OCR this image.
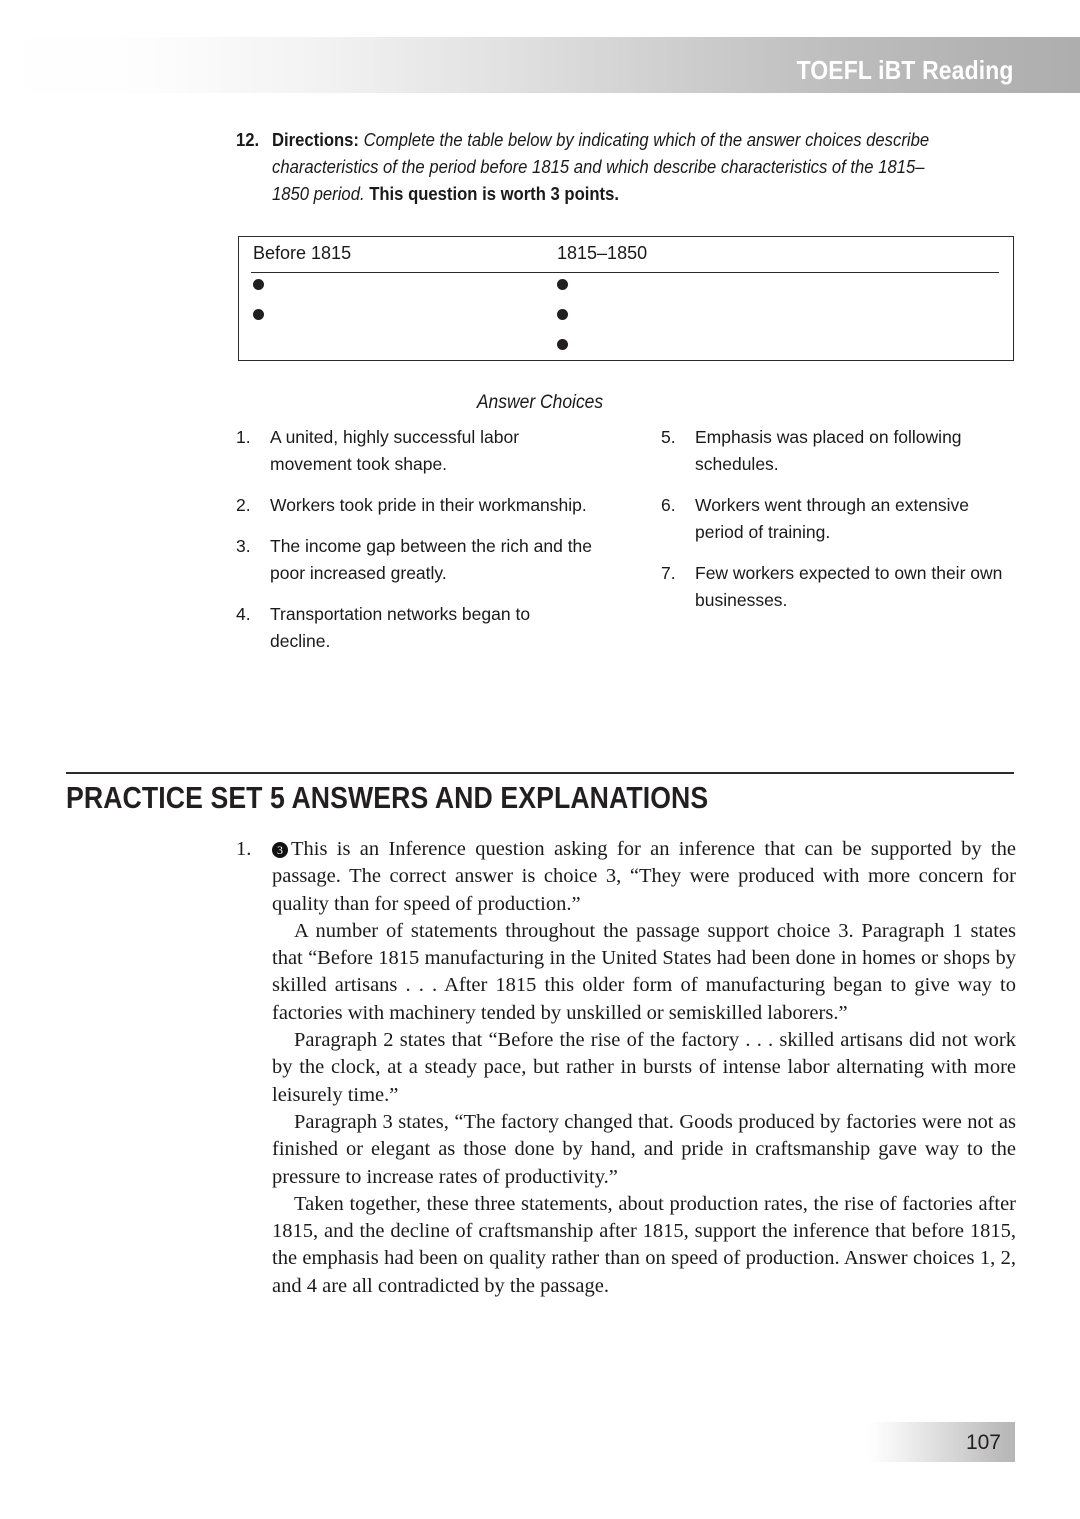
TOEFL iBT Reading
12. Directions: Complete the table below by indicating which of the answer choices describe characteristics of the period before 1815 and which describe characteristics of the 1815–1850 period. This question is worth 3 points.
Before 1815	1815–1850
Answer Choices
1.	A united, highly successful labor movement took shape.
2.	Workers took pride in their workmanship.
3.	The income gap between the rich and the poor increased greatly.
4.	Transportation networks began to decline.
5.	Emphasis was placed on following schedules.
6.	Workers went through an extensive period of training.
7.	Few workers expected to own their own businesses.
PRACTICE SET 5 ANSWERS AND EXPLANATIONS
1.	3 This is an Inference question asking for an inference that can be supported by the passage. The correct answer is choice 3, “They were produced with more concern for quality than for speed of production.”

A number of statements throughout the passage support choice 3. Paragraph 1 states that “Before 1815 manufacturing in the United States had been done in homes or shops by skilled artisans . . . After 1815 this older form of manufacturing began to give way to factories with machinery tended by unskilled or semiskilled laborers.”

Paragraph 2 states that “Before the rise of the factory . . . skilled artisans did not work by the clock, at a steady pace, but rather in bursts of intense labor alternating with more leisurely time.”

Paragraph 3 states, “The factory changed that. Goods produced by factories were not as finished or elegant as those done by hand, and pride in craftsmanship gave way to the pressure to increase rates of productivity.”

Taken together, these three statements, about production rates, the rise of factories after 1815, and the decline of craftsmanship after 1815, support the inference that before 1815, the emphasis had been on quality rather than on speed of production. Answer choices 1, 2, and 4 are all contradicted by the passage.

107
